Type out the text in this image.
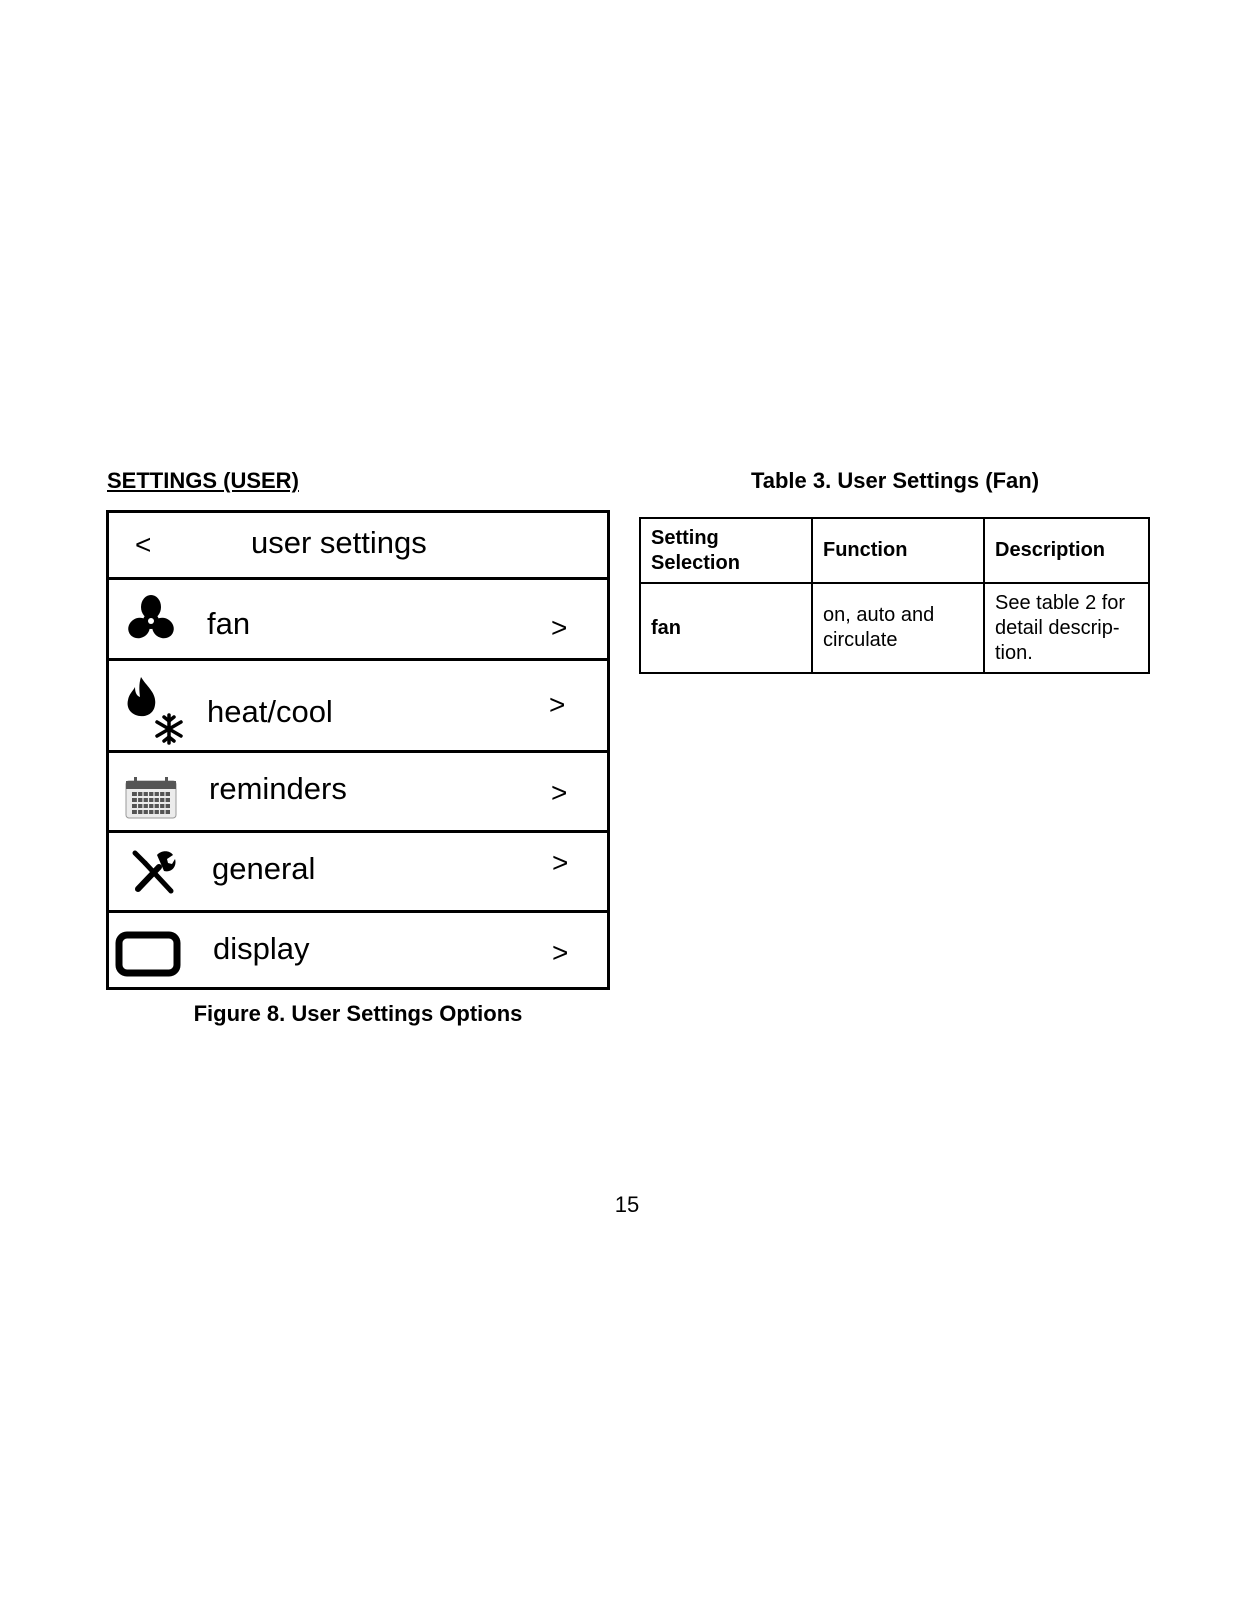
SETTINGS (USER)
<	user settings
fan	>
heat/cool	>
reminders	>
general	>
display	>
Figure 8. User Settings Options
Table 3. User Settings (Fan)
Setting Selection	Function	Description
fan	on, auto and circulate	See table 2 for detail descrip-tion.
15
